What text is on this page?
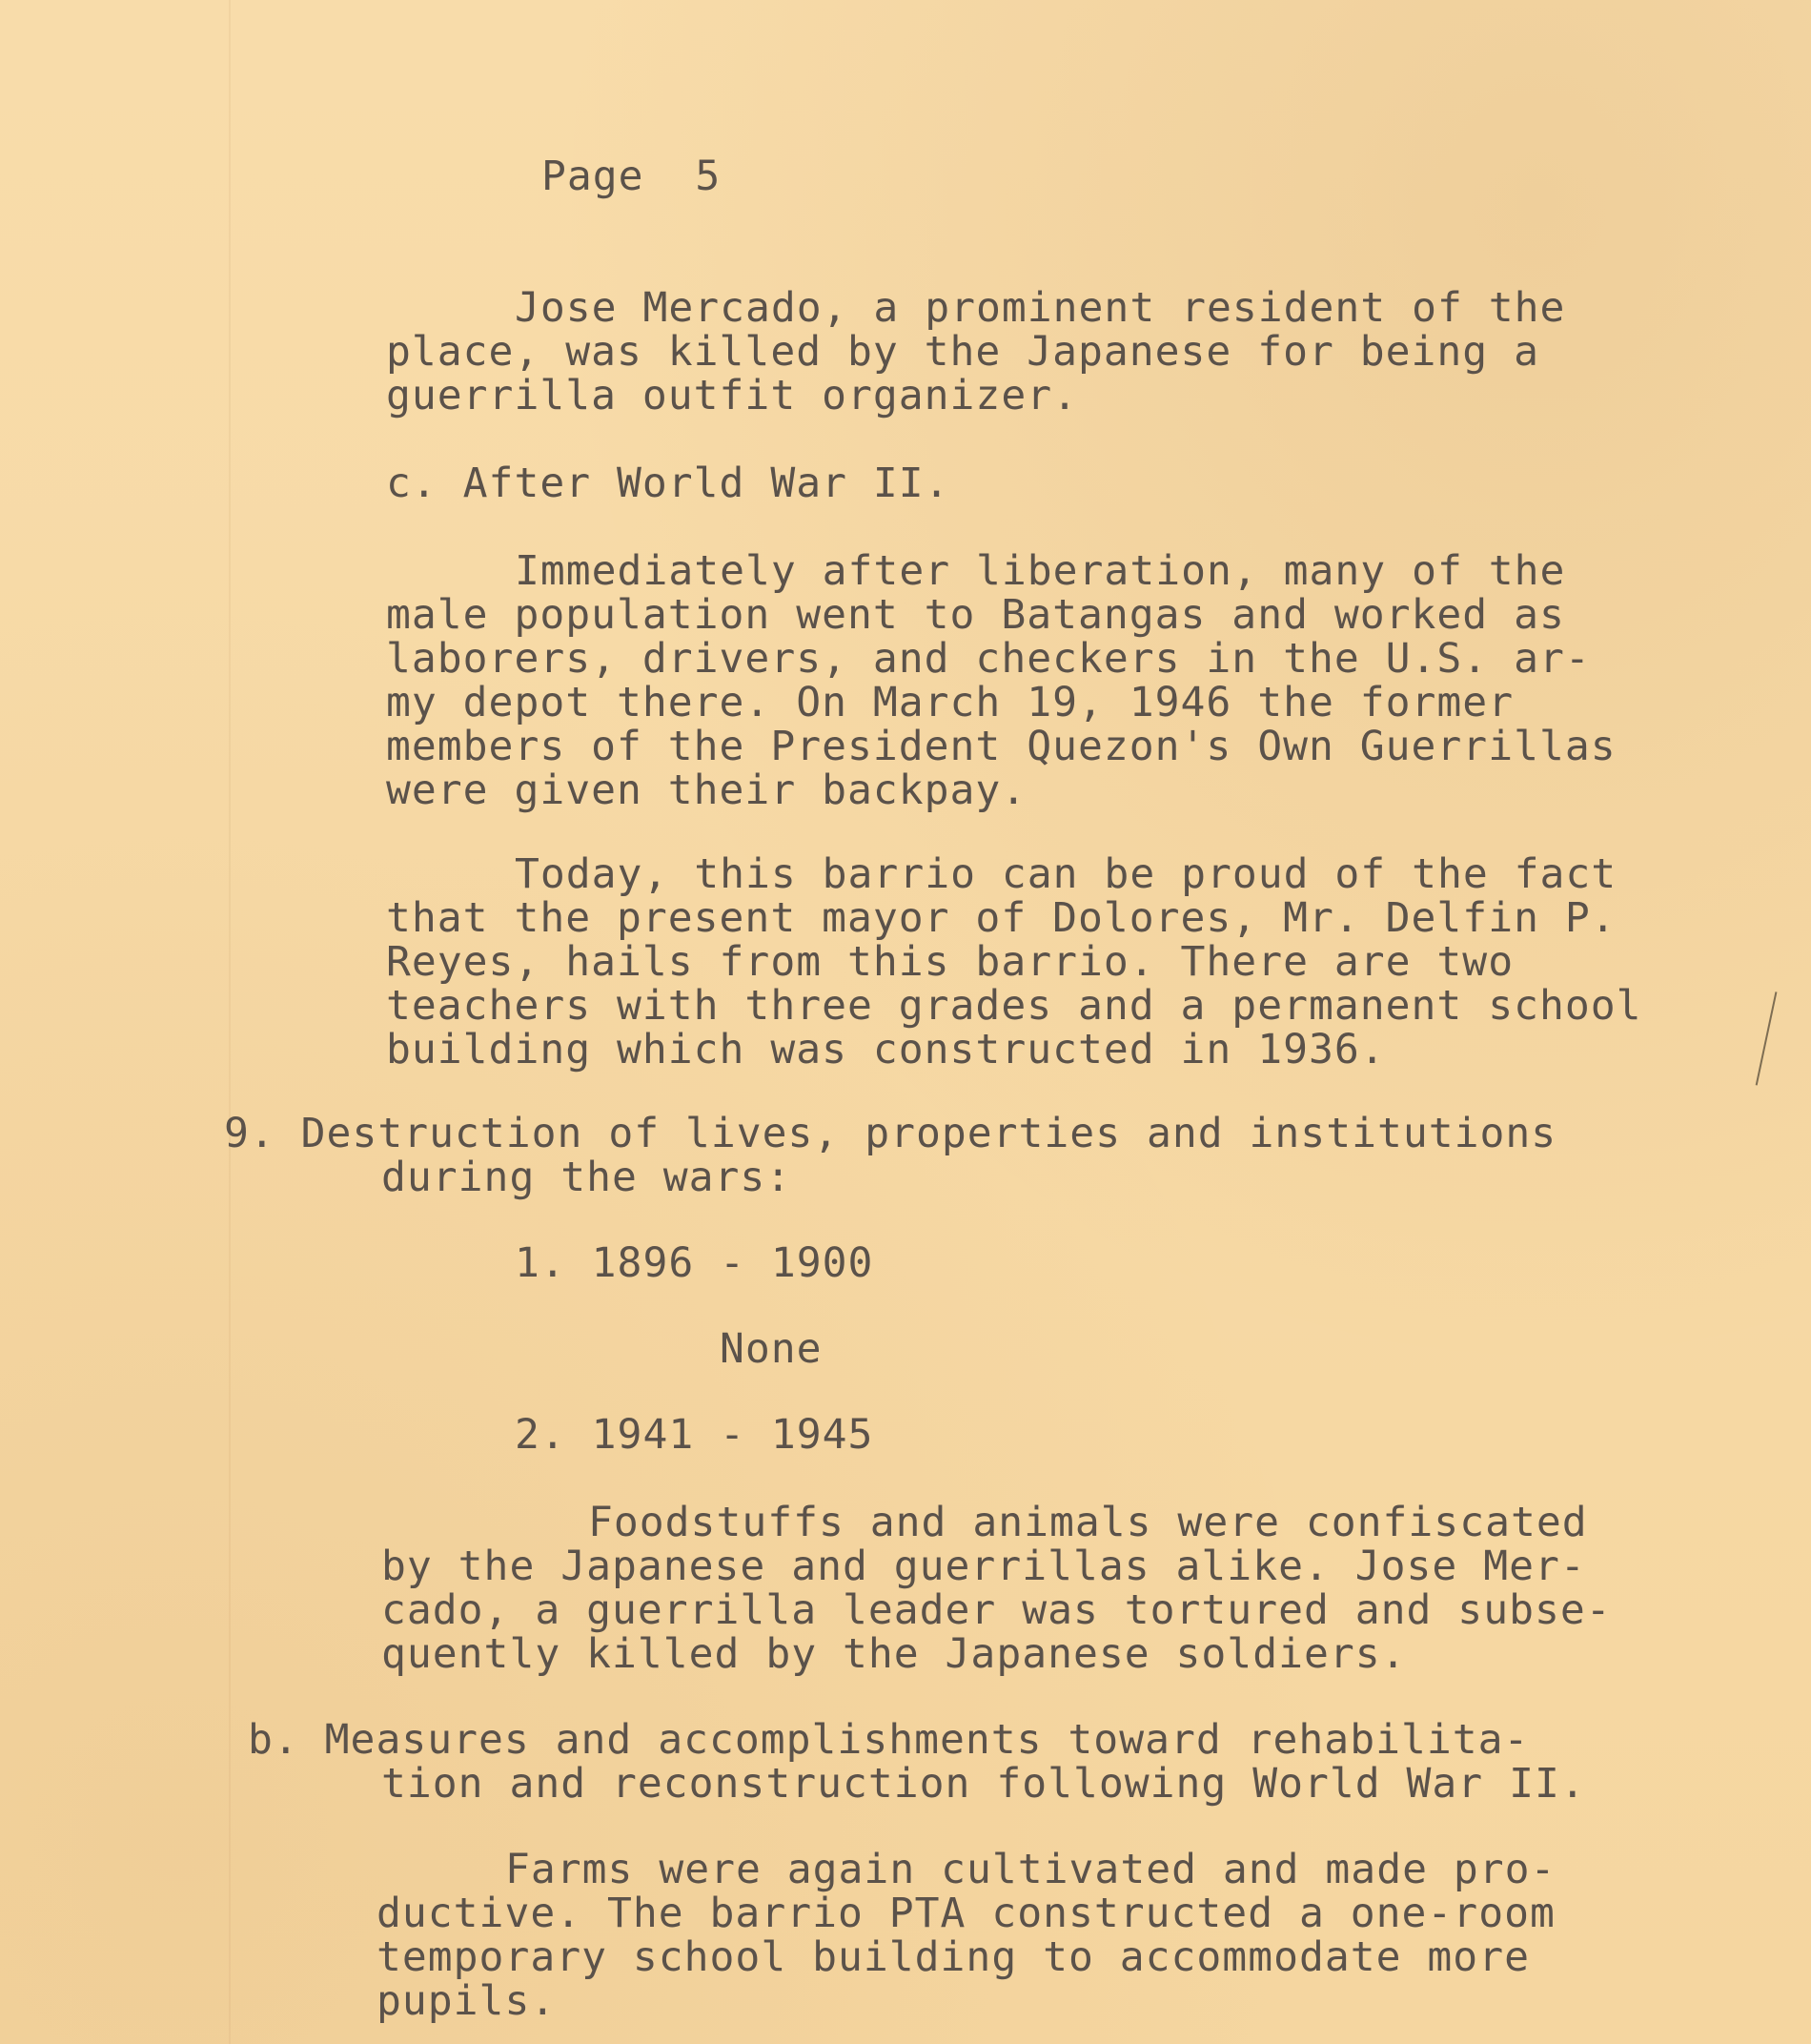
Page  5
Jose Mercado, a prominent resident of the
place, was killed by the Japanese for being a
guerrilla outfit organizer.
c. After World War II.
Immediately after liberation, many of the
male population went to Batangas and worked as
laborers, drivers, and checkers in the U.S. ar-
my depot there. On March 19, 1946 the former
members of the President Quezon's Own Guerrillas
were given their backpay.
Today, this barrio can be proud of the fact
that the present mayor of Dolores, Mr. Delfin P.
Reyes, hails from this barrio. There are two
teachers with three grades and a permanent school
building which was constructed in 1936.
9. Destruction of lives, properties and institutions
during the wars:
1. 1896 - 1900
None
2. 1941 - 1945
Foodstuffs and animals were confiscated
by the Japanese and guerrillas alike. Jose Mer-
cado, a guerrilla leader was tortured and subse-
quently killed by the Japanese soldiers.
b. Measures and accomplishments toward rehabilita-
tion and reconstruction following World War II.
Farms were again cultivated and made pro-
ductive. The barrio PTA constructed a one-room
temporary school building to accommodate more
pupils.
